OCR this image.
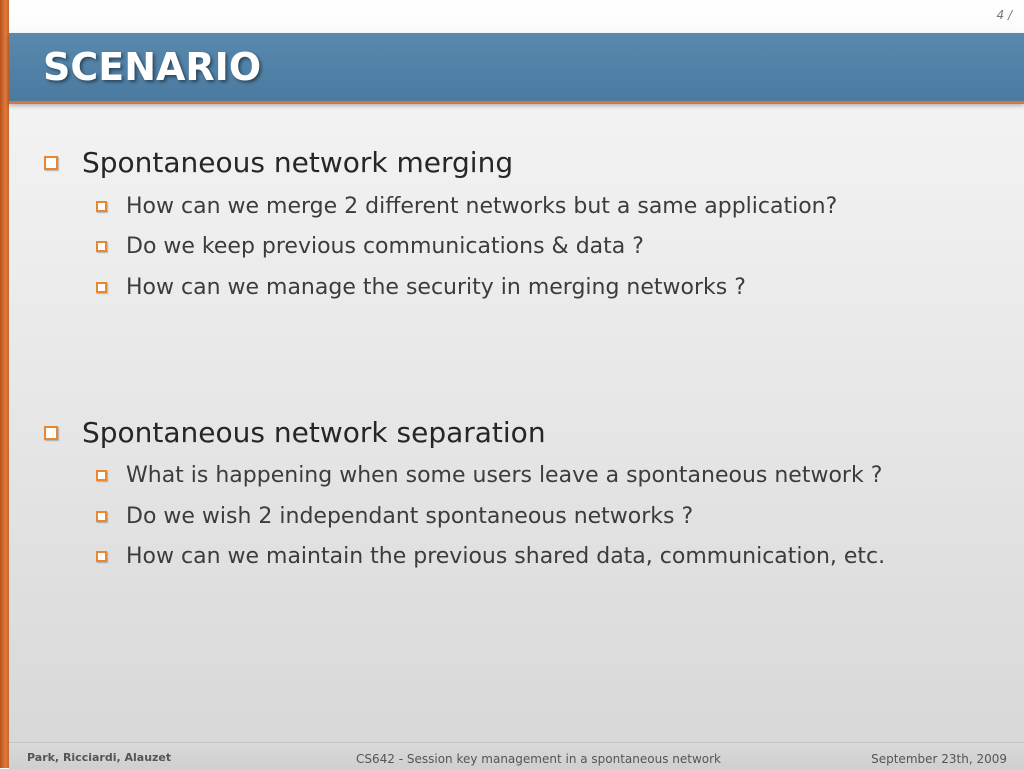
4 /
SCENARIO
Spontaneous network merging
How can we merge 2 different networks but a same application?
Do we keep previous communications & data ?
How can we manage the security in merging networks ?
Spontaneous network separation
What is happening when some users leave a spontaneous network ?
Do we wish 2 independant spontaneous networks ?
How can we maintain the previous shared data, communication, etc.
Park, Ricciardi, Alauzet	CS642 - Session key management in a spontaneous network	September 23th, 2009
